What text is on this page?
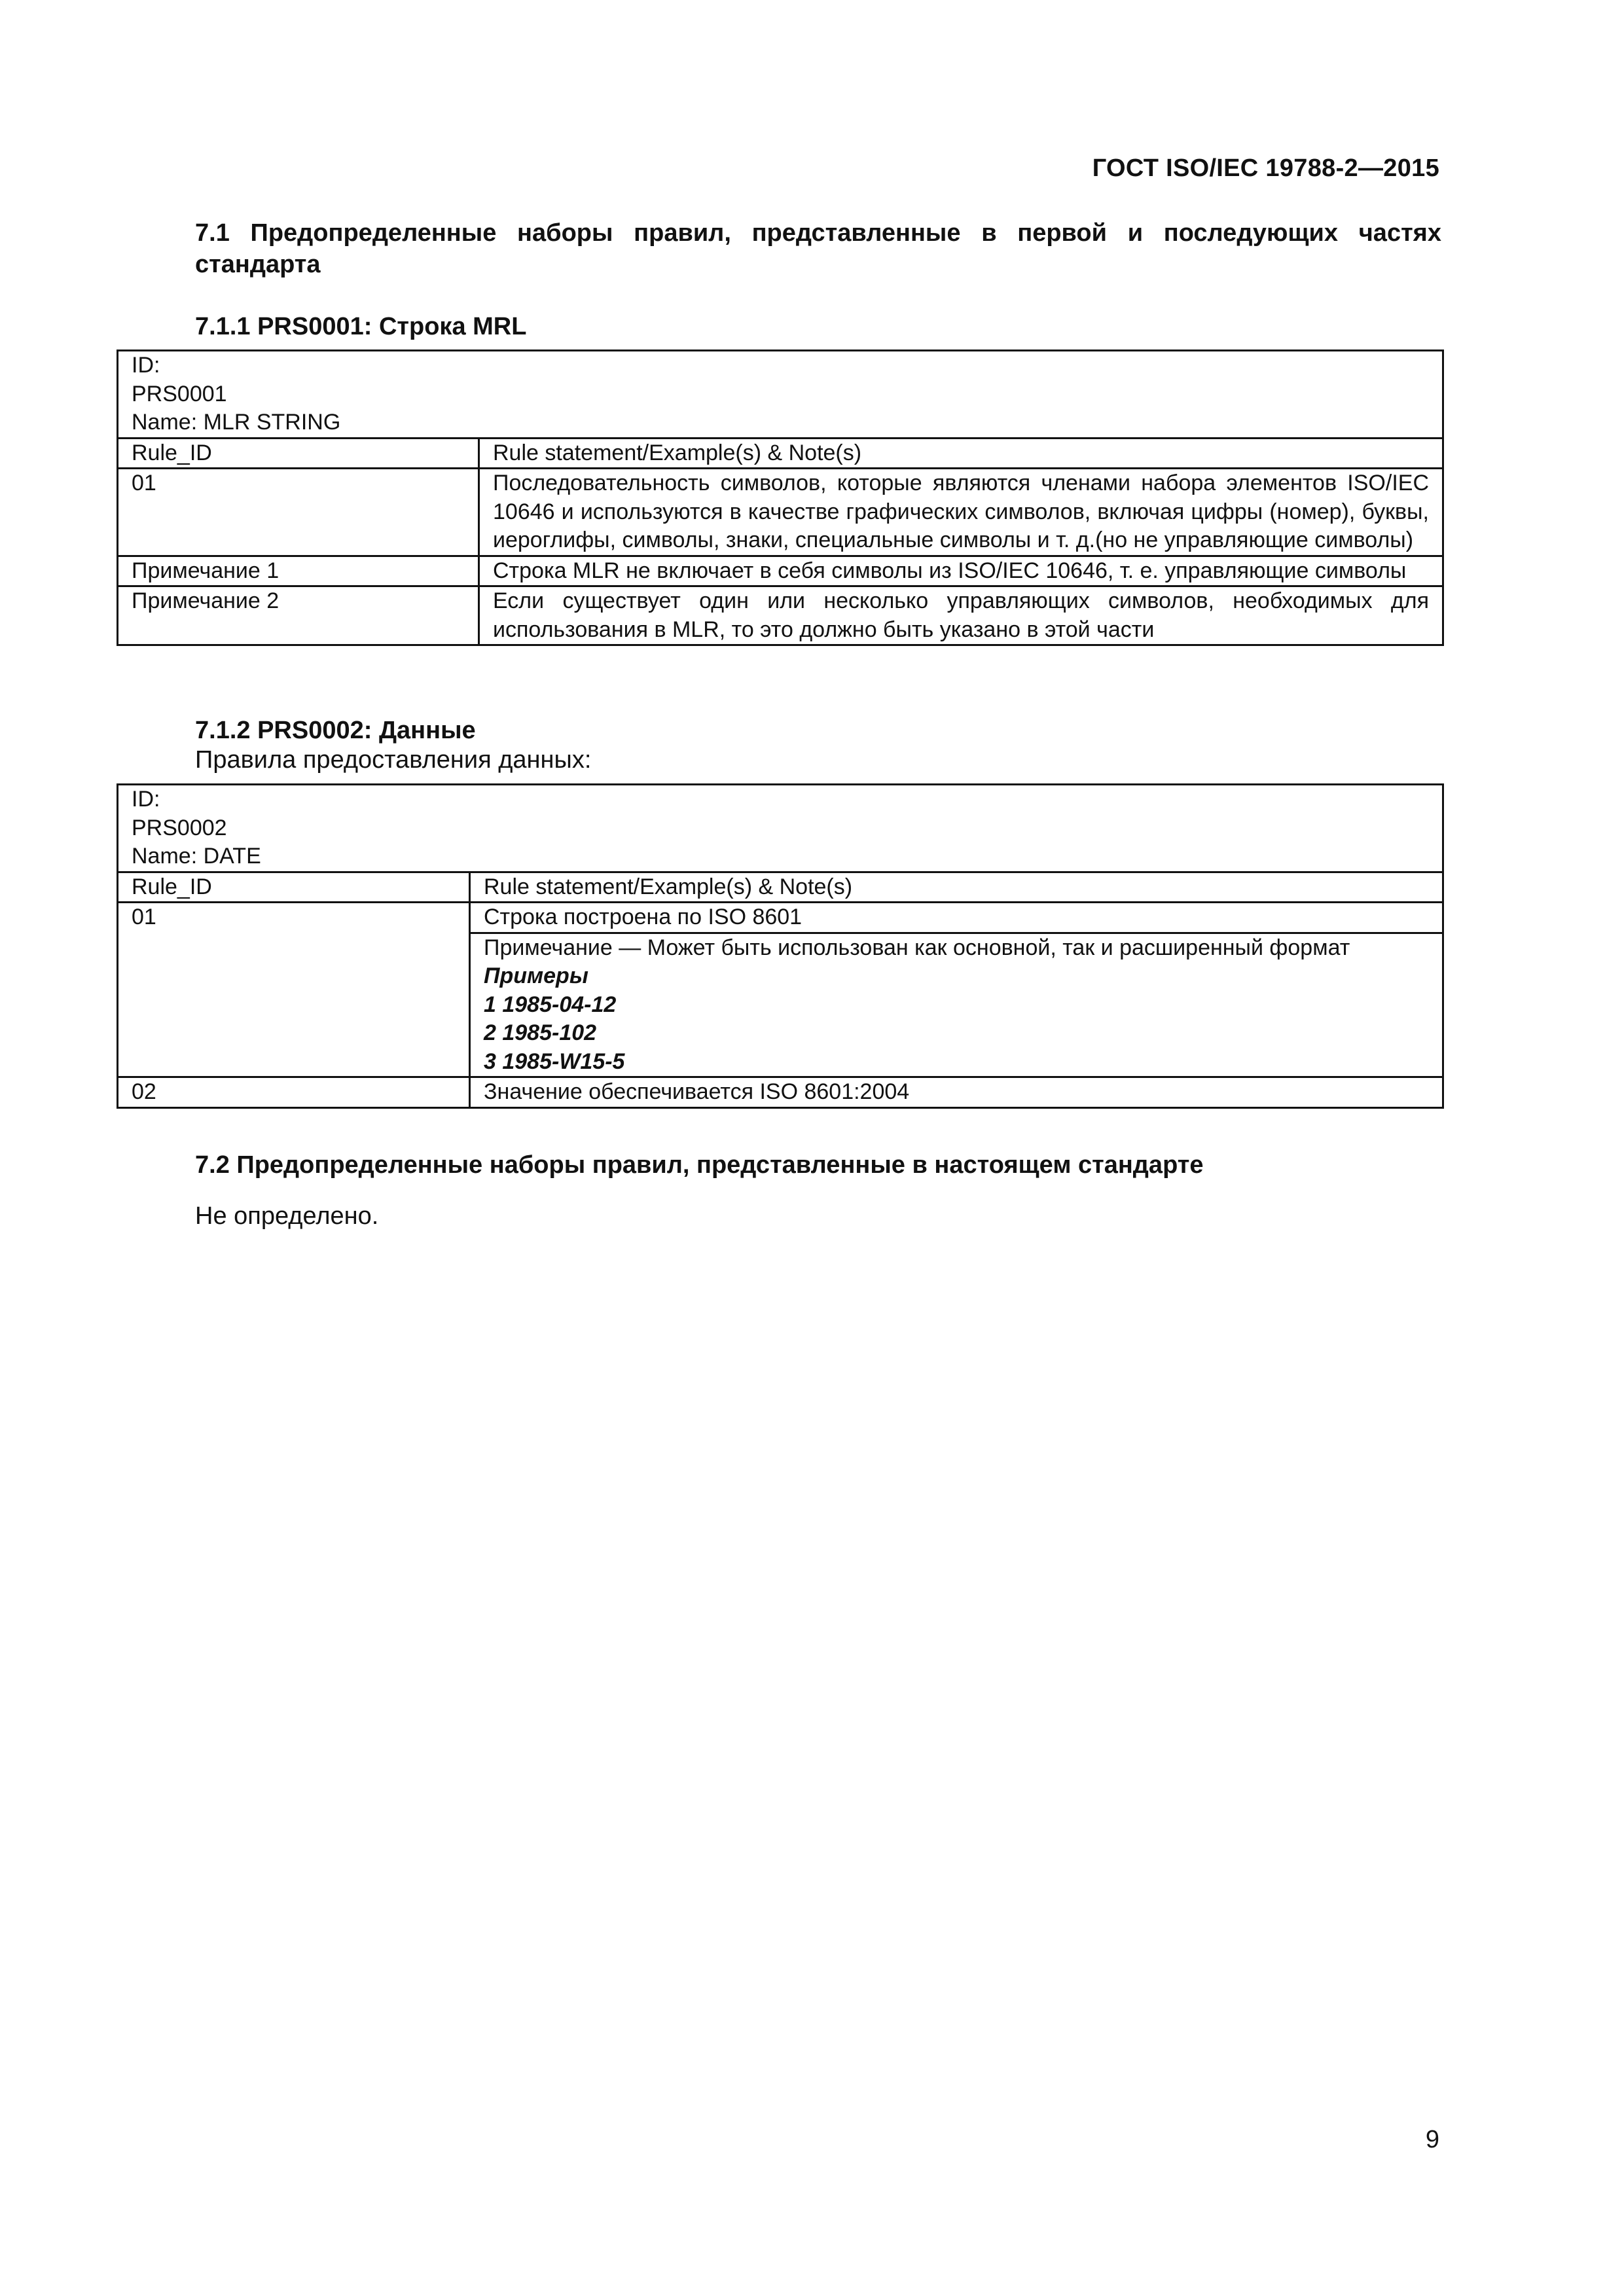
ГОСТ ISO/IEC 19788-2—2015
7.1 Предопределенные наборы правил, представленные в первой и последующих частях стандарта
7.1.1 PRS0001: Строка MRL
ID:
PRS0001
Name: MLR STRING	

Rule_ID	Rule statement/Example(s) & Note(s)
01	Последовательность символов, которые являются членами набора элементов ISO/IEC 10646 и используются в качестве графических символов, включая цифры (номер), буквы, иероглифы, символы, знаки, специальные символы и т. д.(но не управляющие символы)
Примечание 1	Строка MLR не включает в себя символы из ISO/IEC 10646, т. е. управляющие символы
Примечание 2	Если существует один или несколько управляющих символов, необходимых для использования в MLR, то это должно быть указано в этой части
7.1.2 PRS0002: Данные
Правила предоставления данных:
ID:
PRS0002
Name: DATE	

Rule_ID	Rule statement/Example(s) & Note(s)
01	Строка построена по ISO 8601

	Примечание — Может быть использован как основной, так и расширенный формат
Примеры
1 1985-04-12
2 1985-102
3 1985-W15-5

02	Значение обеспечивается ISO 8601:2004
7.2 Предопределенные наборы правил, представленные в настоящем стандарте
Не определено.
9
